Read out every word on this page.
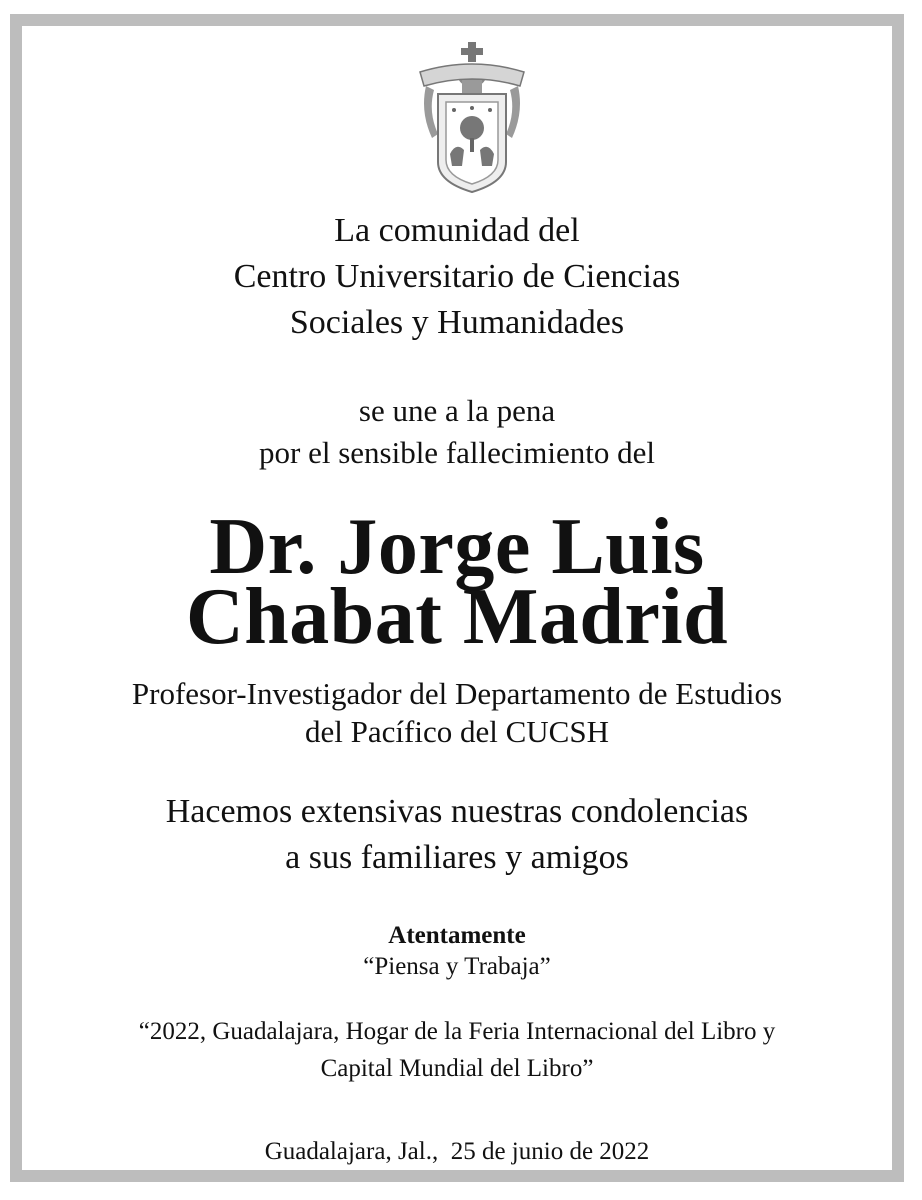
La comunidad del
Centro Universitario de Ciencias
Sociales y Humanidades
se une a la pena
por el sensible fallecimiento del
Dr. Jorge Luis
Chabat Madrid
Profesor-Investigador del Departamento de Estudios
del Pacífico del CUCSH
Hacemos extensivas nuestras condolencias
a sus familiares y amigos
Atentamente
“Piensa y Trabaja”
“2022, Guadalajara, Hogar de la Feria Internacional del Libro y
Capital Mundial del Libro”
Guadalajara, Jal.,  25 de junio de 2022
